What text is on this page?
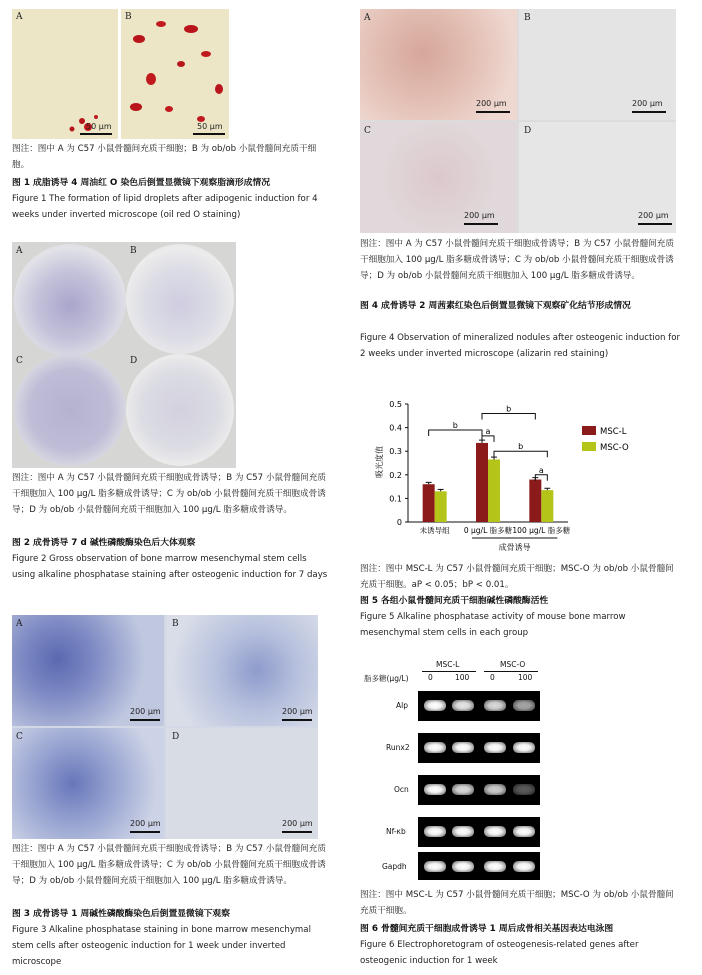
A
50 μm
B
50 μm
图注：图中 A 为 C57 小鼠骨髓间充质干细胞；B 为 ob/ob 小鼠骨髓间充质干细胞。
图 1 成脂诱导 4 周油红 O 染色后倒置显微镜下观察脂滴形成情况
Figure 1 The formation of lipid droplets after adipogenic induction for 4 weeks under inverted microscope (oil red O staining)
A	B
C	D
图注：图中 A 为 C57 小鼠骨髓间充质干细胞成骨诱导；B 为 C57 小鼠骨髓间充质干细胞加入 100 μg/L 脂多糖成骨诱导；C 为 ob/ob 小鼠骨髓间充质干细胞成骨诱导；D 为 ob/ob 小鼠骨髓间充质干细胞加入 100 μg/L 脂多糖成骨诱导。
图 2 成骨诱导 7 d 碱性磷酸酶染色后大体观察
Figure 2 Gross observation of bone marrow mesenchymal stem cells using alkaline phosphatase staining after osteogenic induction for 7 days
A	B
C	D
200 μm	200 μm
200 μm	200 μm
图注：图中 A 为 C57 小鼠骨髓间充质干细胞成骨诱导；B 为 C57 小鼠骨髓间充质干细胞加入 100 μg/L 脂多糖成骨诱导；C 为 ob/ob 小鼠骨髓间充质干细胞成骨诱导；D 为 ob/ob 小鼠骨髓间充质干细胞加入 100 μg/L 脂多糖成骨诱导。
图 3 成骨诱导 1 周碱性磷酸酶染色后倒置显微镜下观察
Figure 3 Alkaline phosphatase staining in bone marrow mesenchymal stem cells after osteogenic induction for 1 week under inverted microscope
A	B
C	D
200 μm	200 μm
200 μm	200 μm
图注：图中 A 为 C57 小鼠骨髓间充质干细胞成骨诱导；B 为 C57 小鼠骨髓间充质干细胞加入 100 μg/L 脂多糖成骨诱导；C 为 ob/ob 小鼠骨髓间充质干细胞成骨诱导；D 为 ob/ob 小鼠骨髓间充质干细胞加入 100 μg/L 脂多糖成骨诱导。
图 4 成骨诱导 2 周茜素红染色后倒置显微镜下观察矿化结节形成情况
Figure 4 Observation of mineralized nodules after osteogenic induction for 2 weeks under inverted microscope (alizarin red staining)
0
0.1
0.2
0.3
0.4
0.5
吸光度值
未诱导组 0 μg/L 脂多糖 100 μg/L 脂多糖
成骨诱导
b
b
a
b
a
MSC-L
MSC-O
图注：图中 MSC-L 为 C57 小鼠骨髓间充质干细胞；MSC-O 为 ob/ob 小鼠骨髓间充质干细胞。aP < 0.05；bP < 0.01。
图 5 各组小鼠骨髓间充质干细胞碱性磷酸酶活性
Figure 5 Alkaline phosphatase activity of mouse bone marrow mesenchymal stem cells in each group
MSC-L	MSC-O
脂多糖(μg/L)	0	100	0	100
Alp
Runx2
Ocn
Nf-κb
Gapdh
图注：图中 MSC-L 为 C57 小鼠骨髓间充质干细胞；MSC-O 为 ob/ob 小鼠骨髓间充质干细胞。
图 6 骨髓间充质干细胞成骨诱导 1 周后成骨相关基因表达电泳图
Figure 6 Electrophoretogram of osteogenesis-related genes after osteogenic induction for 1 week
